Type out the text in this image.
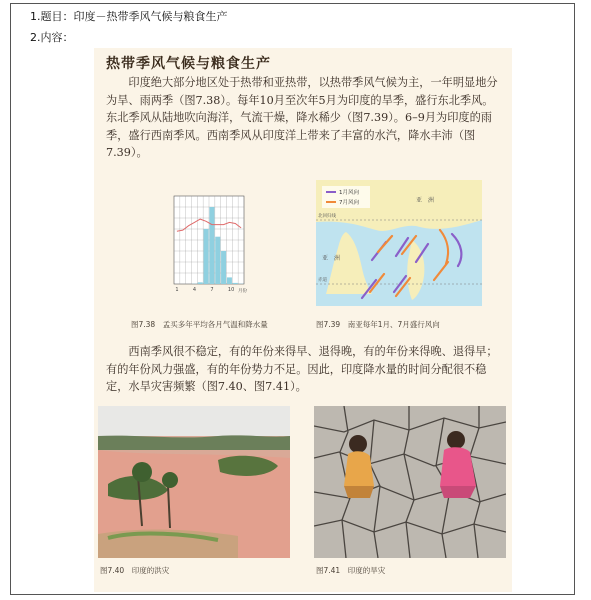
1.题目：印度－热带季风气候与粮食生产
2.内容：
热带季风气候与粮食生产

印度绝大部分地区处于热带和亚热带，以热带季风气候为主，一年明显地分为旱、雨两季（图7.38）。每年10月至次年5月为印度的旱季，盛行东北季风。东北季风从陆地吹向海洋，气流干燥，降水稀少（图7.39）。6–9月为印度的雨季，盛行西南季风。西南季风从印度洋上带来了丰富的水汽，降水丰沛（图7.39）。

1	4	7	10 月份
1月风向
7月风向	亚　洲
北回归线
亚　洲
赤道
图7.38　孟买多年平均各月气温和降水量	图7.39　南亚每年1月、7月盛行风向

西南季风很不稳定，有的年份来得早、退得晚，有的年份来得晚、退得早；有的年份风力强盛，有的年份势力不足。因此，印度降水量的时间分配很不稳定，水旱灾害频繁（图7.40、图7.41）。

图7.40　印度的洪灾	图7.41　印度的旱灾
